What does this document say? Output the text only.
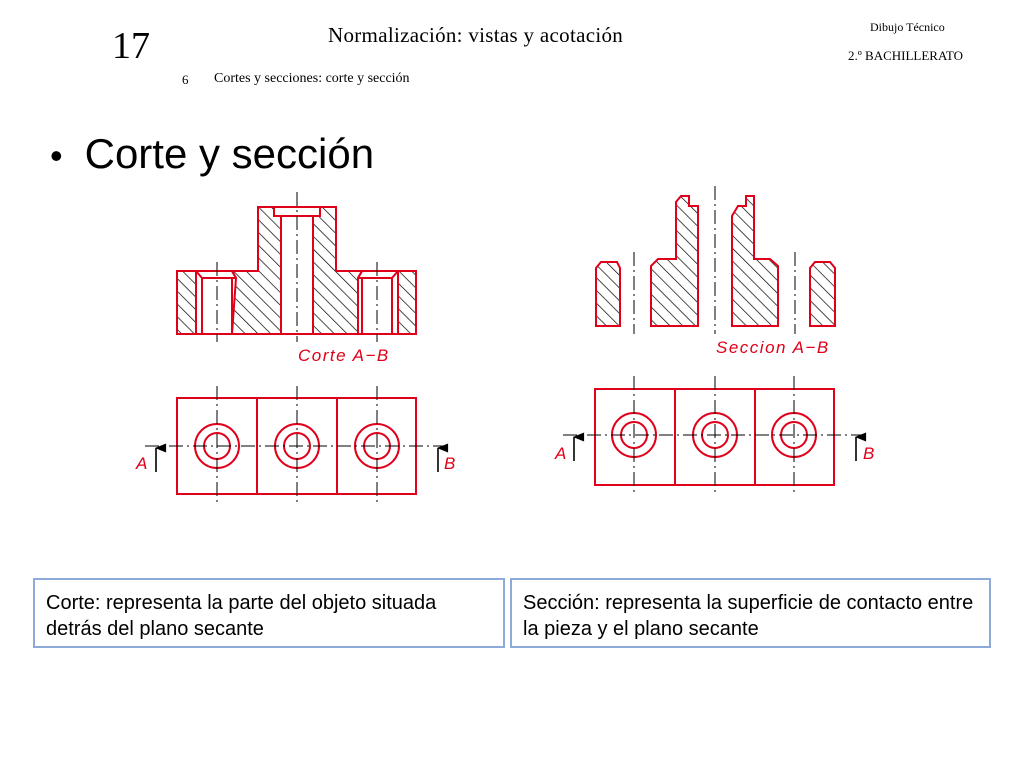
17	Normalización: vistas y acotación	Dibujo Técnico
2.º BACHILLERATO
6 Cortes y secciones: corte y sección
• Corte y sección
Corte A−B
A	B
Seccion A−B
A	B
Corte: representa la parte del objeto situada detrás del plano secante
Sección: representa la superficie de contacto entre la pieza y el plano secante
